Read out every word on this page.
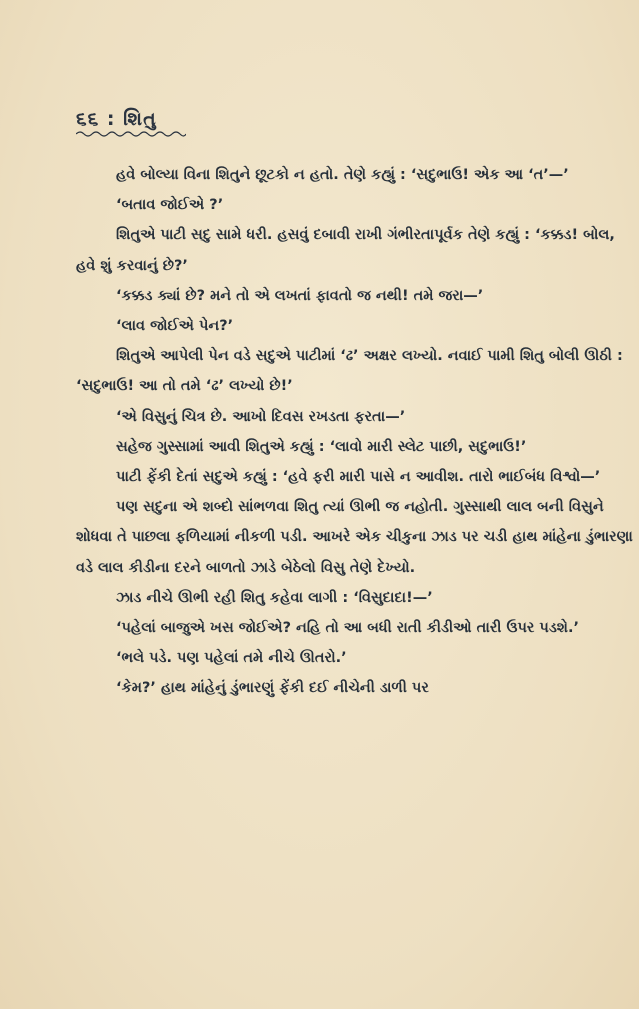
૬૬ : શિતુ

હવે બોલ્યા વિના શિતુને છૂટકો ન હતો. તેણે કહ્યું : ‘સદુભાઉ! એક આ ‘ત’—’

‘બતાવ જોઈએ ?’

શિતુએ પાટી સદુ સામે ધરી. હસવું દબાવી રાખી ગંભીરતાપૂર્વક તેણે કહ્યું : ‘કક્કડ! બોલ, હવે શું કરવાનું છે?’

‘કક્કડ ક્યાં છે? મને તો એ લખતાં ફાવતો જ નથી! તમે જરા—’

‘લાવ જોઈએ પેન?’

શિતુએ આપેલી પેન વડે સદુએ પાટીમાં ‘ઢ’ અક્ષર લખ્યો. નવાઈ પામી શિતુ બોલી ઊઠી : ‘સદુભાઉ! આ તો તમે ‘ઢ’ લખ્યો છે!’

‘એ વિસુનું ચિત્ર છે. આખો દિવસ રખડતા ફરતા—’

સહેજ ગુસ્સામાં આવી શિતુએ કહ્યું : ‘લાવો મારી સ્લેટ પાછી, સદુભાઉ!’

પાટી ફેંકી દેતાં સદુએ કહ્યું : ‘હવે ફરી મારી પાસે ન આવીશ. તારો ભાઈબંધ વિશ્વો—’

પણ સદુના એ શબ્દો સાંભળવા શિતુ ત્યાં ઊભી જ નહોતી. ગુસ્સાથી લાલ બની વિસુને શોધવા તે પાછલા ફળિયામાં નીકળી પડી. આખરે એક ચીકુના ઝાડ પર ચડી હાથ માંહેના ડુંભારણા વડે લાલ કીડીના દરને બાળતો ઝાડે બેઠેલો વિસુ તેણે દેખ્યો.

ઝાડ નીચે ઊભી રહી શિતુ કહેવા લાગી : ‘વિસુદાદા!—’

‘પહેલાં બાજુએ ખસ જોઈએ? નહિ તો આ બધી રાતી કીડીઓ તારી ઉપર પડશે.’

‘ભલે પડે. પણ પહેલાં તમે નીચે ઊતરો.’

‘કેમ?’ હાથ માંહેનું ડુંભારણું ફેંકી દઈ નીચેની ડાળી પર
